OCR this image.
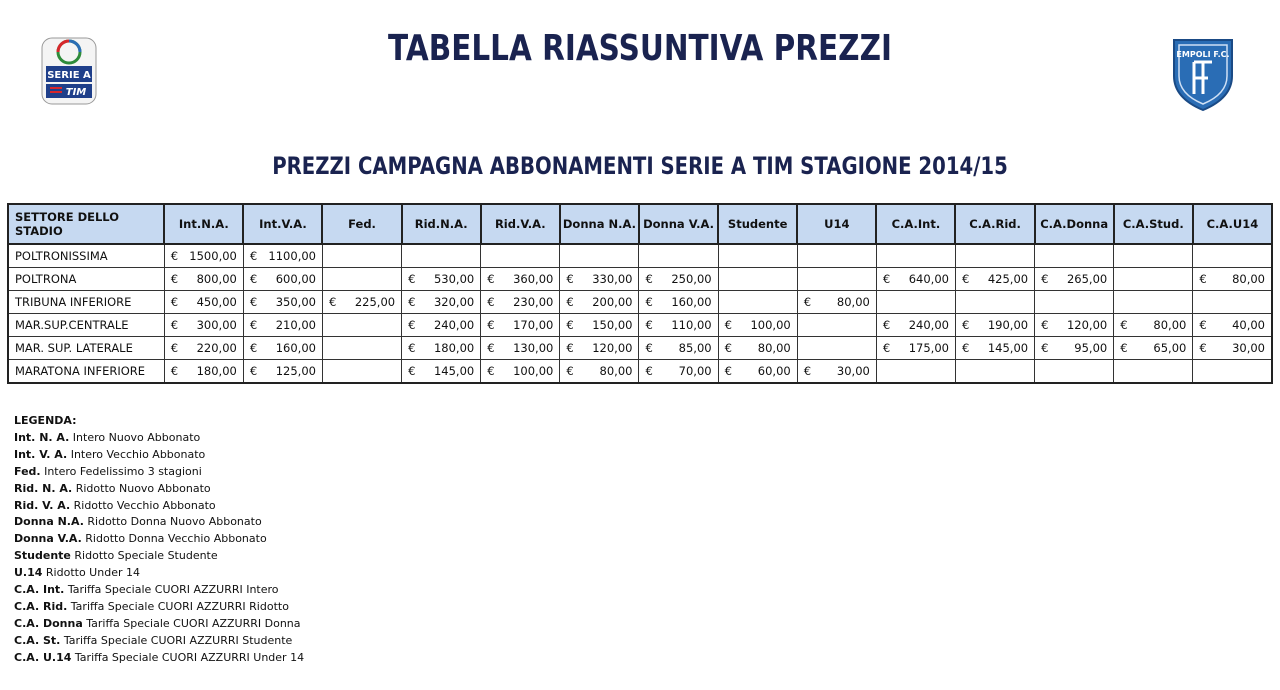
SERIE A
TIM
TABELLA RIASSUNTIVA PREZZI	EMPOLI F.C.
PREZZI CAMPAGNA ABBONAMENTI SERIE A TIM STAGIONE 2014/15
SETTORE DELLO STADIO	Int.N.A.	Int.V.A.	Fed.	Rid.N.A.	Rid.V.A.	Donna N.A.	Donna V.A.	Studente	U14	C.A.Int.	C.A.Rid.	C.A.Donna	C.A.Stud.	C.A.U14
POLTRONISSIMA	€ 1500,00	€ 1100,00												

POLTRONA	€ 800,00	€ 600,00		€ 530,00	€ 360,00	€ 330,00	€ 250,00			€ 640,00	€ 425,00	€ 265,00		€ 80,00

TRIBUNA INFERIORE	€ 450,00	€ 350,00	€ 225,00	€ 320,00	€ 230,00	€ 200,00	€ 160,00		€ 80,00					

MAR.SUP.CENTRALE	€ 300,00	€ 210,00		€ 240,00	€ 170,00	€ 150,00	€ 110,00	€ 100,00		€ 240,00	€ 190,00	€ 120,00	€ 80,00	€ 40,00

MAR. SUP. LATERALE	€ 220,00	€ 160,00		€ 180,00	€ 130,00	€ 120,00	€ 85,00	€ 80,00		€ 175,00	€ 145,00	€ 95,00	€ 65,00	€ 30,00

MARATONA INFERIORE	€ 180,00	€ 125,00		€ 145,00	€ 100,00	€ 80,00	€ 70,00	€ 60,00	€ 30,00					

LEGENDA:
Int. N. A. Intero Nuovo Abbonato
Int. V. A. Intero Vecchio Abbonato
Fed. Intero Fedelissimo 3 stagioni
Rid. N. A. Ridotto Nuovo Abbonato
Rid. V. A. Ridotto Vecchio Abbonato
Donna N.A. Ridotto Donna Nuovo Abbonato
Donna V.A. Ridotto Donna Vecchio Abbonato
Studente Ridotto Speciale Studente
U.14 Ridotto Under 14
C.A. Int. Tariffa Speciale CUORI AZZURRI Intero
C.A. Rid. Tariffa Speciale CUORI AZZURRI Ridotto
C.A. Donna Tariffa Speciale CUORI AZZURRI Donna
C.A. St. Tariffa Speciale CUORI AZZURRI Studente
C.A. U.14 Tariffa Speciale CUORI AZZURRI Under 14
